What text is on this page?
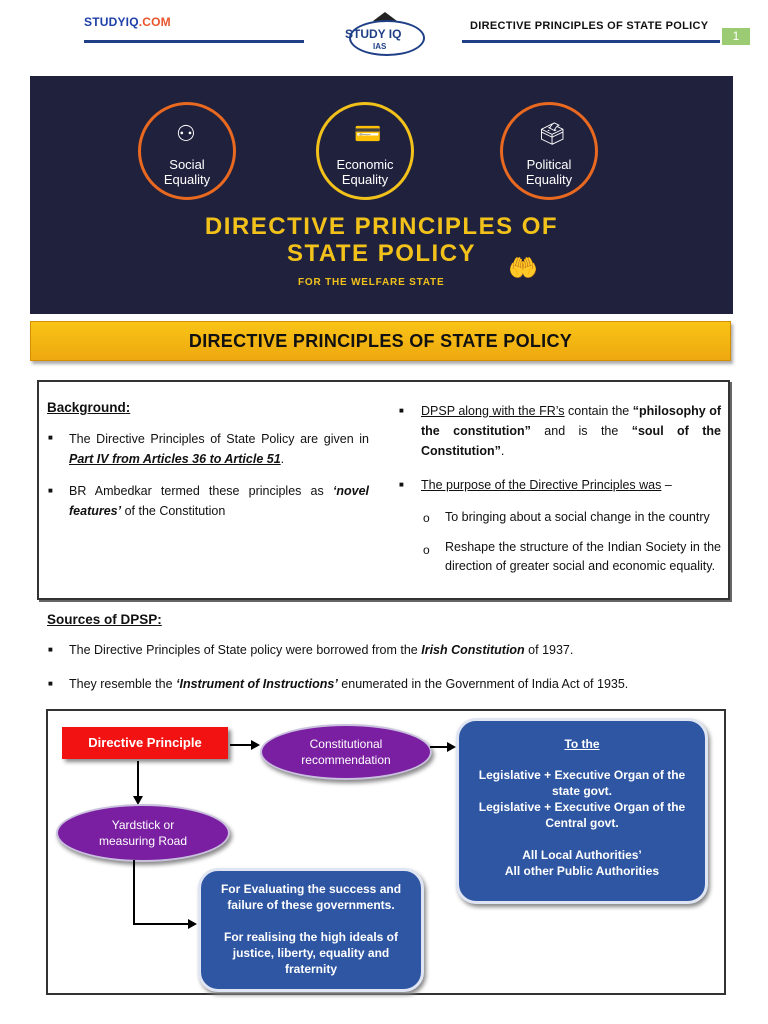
STUDYIQ.COM
STUDY IQ
IAS
DIRECTIVE PRINCIPLES OF STATE POLICY
1
⚇
Social
Equality
💳
Economic
Equality
🗳
Political
Equality
DIRECTIVE PRINCIPLES OF
STATE POLICY
FOR THE WELFARE STATE
🤲
DIRECTIVE PRINCIPLES OF STATE POLICY
Background:
■ The Directive Principles of State Policy are given in Part IV from Articles 36 to Article 51.
■ BR Ambedkar termed these principles as ‘novel features’ of the Constitution
■ DPSP along with the FR’s contain the “philosophy of the constitution” and is the “soul of the Constitution”.
■ The purpose of the Directive Principles was –
o To bringing about a social change in the country
o Reshape the structure of the Indian Society in the direction of greater social and economic equality.
Sources of DPSP:
■ The Directive Principles of State policy were borrowed from the Irish Constitution of 1937.
■ They resemble the ‘Instrument of Instructions’ enumerated in the Government of India Act of 1935.
Directive Principle	Constitutional
recommendation
To the
Legislative + Executive Organ of the state govt.
Legislative + Executive Organ of the Central govt.
All Local Authorities’
All other Public Authorities
Yardstick or
measuring Road
For Evaluating the success and failure of these governments.
For realising the high ideals of justice, liberty, equality and fraternity
